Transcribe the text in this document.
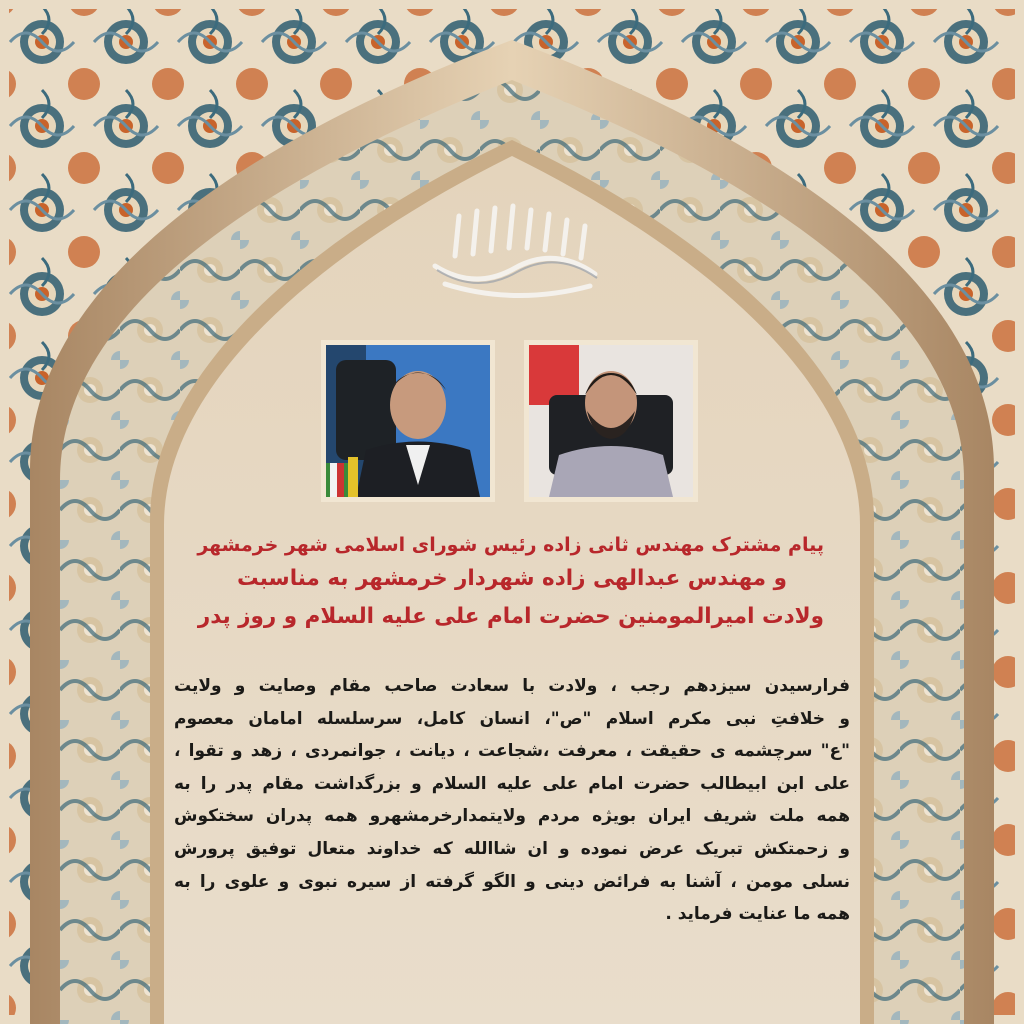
پیام مشترک مهندس ثانی زاده رئیس شورای اسلامی شهر خرمشهر
و مهندس عبدالهی زاده شهردار خرمشهر به مناسبت
ولادت امیرالمومنین حضرت امام علی علیه السلام و روز پدر
فرارسیدن سیزدهم رجب ، ولادت با سعادت صاحب مقام وصایت و ولایت
و خلافتِ نبی مکرم اسلام "ص"، انسان کامل، سرسلسله امامان معصوم
"ع" سرچشمه ی حقیقت ، معرفت ،شجاعت ، دیانت ، جوانمردی ، زهد و تقوا ،
علی ابن ابیطالب حضرت امام علی علیه السلام و بزرگداشت مقام پدر را به
همه ملت شریف ایران بویژه مردم ولایتمدارخرمشهرو همه پدران سختکوش
و زحمتکش تبریک عرض نموده و ان شاالله که خداوند متعال توفیق پرورش
نسلی مومن ، آشنا به فرائض دینی و الگو گرفته از سیره نبوی و علوی را به
همه ما عنایت فرماید .
